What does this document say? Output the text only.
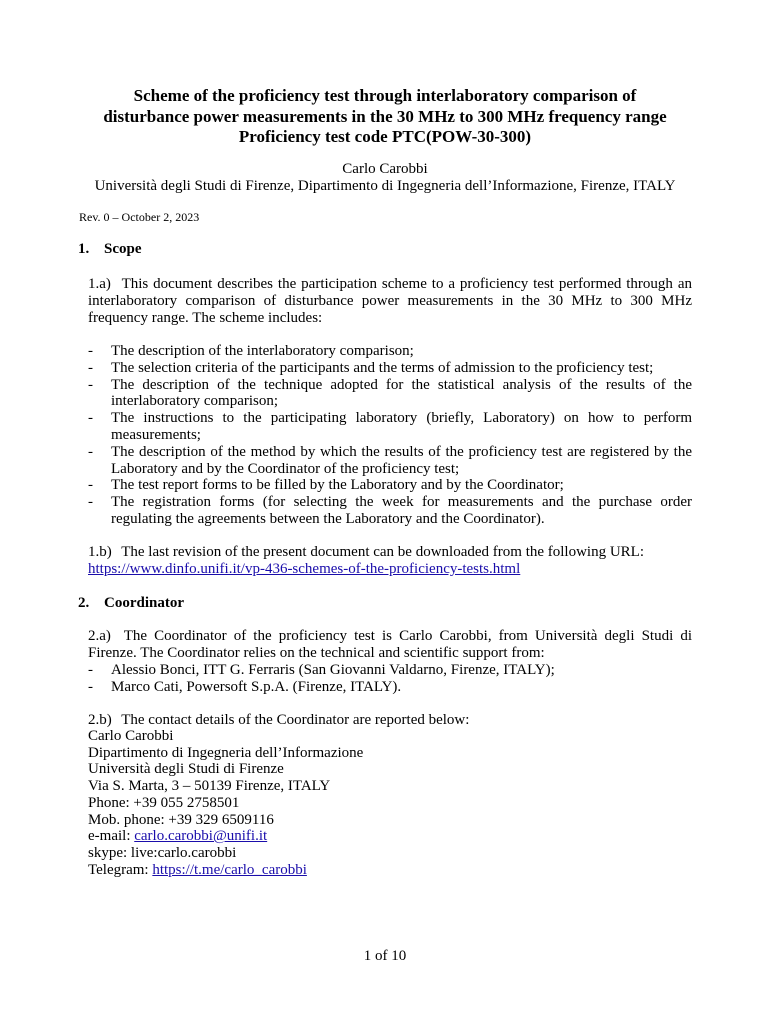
Scheme of the proficiency test through interlaboratory comparison of
disturbance power measurements in the 30 MHz to 300 MHz frequency range
Proficiency test code PTC(POW-30-300)
Carlo Carobbi
Università degli Studi di Firenze, Dipartimento di Ingegneria dell’Informazione, Firenze, ITALY
Rev. 0 – October 2, 2023
1. Scope
1.a) This document describes the participation scheme to a proficiency test performed through an interlaboratory comparison of disturbance power measurements in the 30 MHz to 300 MHz frequency range. The scheme includes:
- The description of the interlaboratory comparison;
- The selection criteria of the participants and the terms of admission to the proficiency test;
- The description of the technique adopted for the statistical analysis of the results of the interlaboratory comparison;
- The instructions to the participating laboratory (briefly, Laboratory) on how to perform measurements;
- The description of the method by which the results of the proficiency test are registered by the Laboratory and by the Coordinator of the proficiency test;
- The test report forms to be filled by the Laboratory and by the Coordinator;
- The registration forms (for selecting the week for measurements and the purchase order regulating the agreements between the Laboratory and the Coordinator).
1.b) The last revision of the present document can be downloaded from the following URL:
https://www.dinfo.unifi.it/vp-436-schemes-of-the-proficiency-tests.html
2. Coordinator
2.a) The Coordinator of the proficiency test is Carlo Carobbi, from Università degli Studi di Firenze. The Coordinator relies on the technical and scientific support from:
- Alessio Bonci, ITT G. Ferraris (San Giovanni Valdarno, Firenze, ITALY);
- Marco Cati, Powersoft S.p.A. (Firenze, ITALY).
2.b) The contact details of the Coordinator are reported below:
Carlo Carobbi
Dipartimento di Ingegneria dell’Informazione
Università degli Studi di Firenze
Via S. Marta, 3 – 50139 Firenze, ITALY
Phone: +39 055 2758501
Mob. phone: +39 329 6509116
e-mail: carlo.carobbi@unifi.it
skype: live:carlo.carobbi
Telegram: https://t.me/carlo_carobbi
1 of 10
